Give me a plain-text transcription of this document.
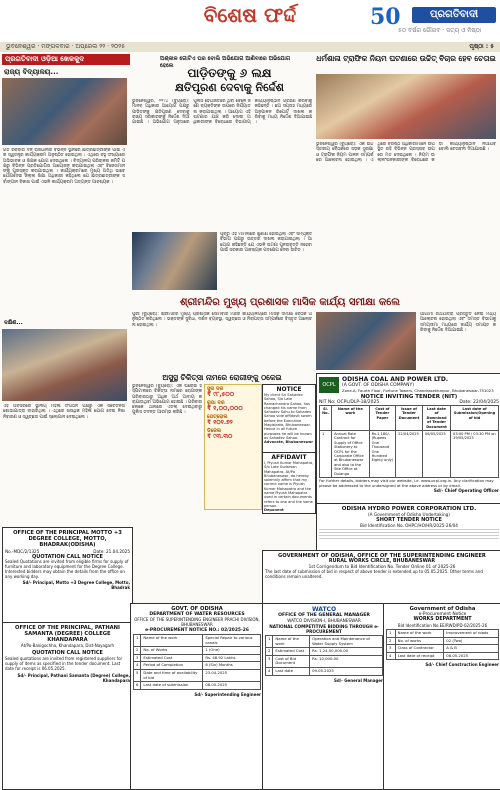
ବିଶେଷ ଫର୍ଦ୍ଦ	50	ପ୍ରଗତିବାଦୀ
୫୦ ବର୍ଷର ଗୌରବ · ସତ୍ୟ ଓ ନିଷ୍ଠା
ଭୁବନେଶ୍ୱର ‧ ମଙ୍ଗଳବାର ‧ ଅପ୍ରେଲ ୨୨ ‧ ୨୦୨୫	ପୃଷ୍ଠା : ୫
ପ୍ରଗତିବାଦୀ ଓଡ଼ିଆ ଖେଳକୁଦ
ରାଜ୍ୟ ବିଦ୍ୟାଳୟ...
ଗତ ରବିବାର ଦିନ ରାଜଧାନୀର ବିଭିନ୍ନ ସ୍ଥାନରେ ଛାତ୍ରଛାତ୍ରୀଙ୍କ ପାଇଁ ଏକ ସ୍ୱତନ୍ତ୍ର କାର୍ଯ୍ୟକ୍ରମ ଅନୁଷ୍ଠିତ ହୋଇଥିଲା । ଏଥିରେ ବହୁ ସଂଖ୍ୟାରେ ଅଭିଭାବକ ଓ ଶିକ୍ଷକ ଯୋଗ ଦେଇଥିଲେ । ବିଦ୍ୟାଳୟ ପରିଚାଳନା କମିଟି ପକ୍ଷରୁ ବିଭିନ୍ନ ପ୍ରତିଯୋଗିତା ଆୟୋଜନ କରାଯାଇଥିଲା ଏବଂ ବିଜେତାମାନଙ୍କୁ ପୁରସ୍କୃତ କରାଯାଇଥିଲା । କାର୍ଯ୍ୟକ୍ରମରେ ମୁଖ୍ୟ ଅତିଥି ଭାବେ ଯୋଗଦେଇ ଜିଲ୍ଲା ଶିକ୍ଷା ଅଧିକାରୀ କହିଥିଲେ ଯେ ଛାତ୍ରଛାତ୍ରୀଙ୍କ ସର୍ବାଙ୍ଗୀନ ବିକାଶ ପାଇଁ ଏଭଳି କାର୍ଯ୍ୟକ୍ରମ ଅତ୍ୟନ୍ତ ଆବଶ୍ୟକ ।
ଦକ୍ଷିଣ...
ଏହି ଅବସରରେ ସ୍ଥାନୀୟ ମହିଳା ସଂଗଠନ ପକ୍ଷରୁ ଏକ ସଚେତନତା ଶୋଭାଯାତ୍ରା ବାହାରିଥିଲା । ଏଥିରେ ଶତାଧିକ ମହିଳା ଯୋଗ ଦେଇ ନିଶା ନିବାରଣ ଓ ସ୍ୱଚ୍ଛତା ପାଇଁ ସ୍ଲୋଗାନ ଦେଇଥିଲେ ।
ଅଶ୍ଳୀଳ ଗୋଟିଏ ଘର ବୋଲି ଅଭିଯୋଗ ଆଣିବାରେ ଅଭିଯୋଗ ହେଲେ
ପାଡ଼ିତଙ୍କୁ ୬ ଲକ୍ଷ
କ୍ଷତିପୂରଣ ଦେବାକୁ ନିର୍ଦ୍ଦେଶ
ଭୁବନେଶ୍ୱର, ୨୧।୪ (ବ୍ୟୁରୋ): ମାନବ ଅଧିକାର ଆୟୋଗ ପକ୍ଷରୁ ପୀଡ଼ିତଙ୍କୁ କ୍ଷତିପୂରଣ ଦେବାକୁ ରାଜ୍ୟ ସରକାରଙ୍କୁ ନିର୍ଦ୍ଦେଶ ଦିଆଯାଇଛି । ଅଭିଯୋଗ ଅନୁସାରେ ପୁଲିସ ହେପାଜତରେ ଥିବା ବେଳେ ଜଣେ ବ୍ୟକ୍ତିଙ୍କ ଉପରେ ନିର୍ଯ୍ୟାତନା କରାଯାଇଥିଲା । ଆୟୋଗ ଏହି ଘଟଣାର ଯାଞ୍ଚ କରି ଦୋଷୀ ଅଧିକାରୀଙ୍କ ବିରୋଧରେ ବିଭାଗୀୟ କାର୍ଯ୍ୟାନୁଷ୍ଠାନ ଗ୍ରହଣ କରିବାକୁ କହିଛନ୍ତି । ଛଅ ସପ୍ତାହ ମଧ୍ୟରେ ଅନୁପାଳନ ରିପୋର୍ଟ ଦାଖଲ କରିବାକୁ ମଧ୍ୟ ନିର୍ଦ୍ଦେଶ ଦିଆଯାଇଛି ।
ପୂର୍ବରୁ ଏହି ମାମଲାରେ ଶୁଣାଣି ହୋଇଥିଲା ଏବଂ ସମ୍ପୃକ୍ତ ବିଭାଗ ପକ୍ଷରୁ ଉତ୍ତର ଦାଖଲ କରାଯାଇଥିଲା । ଆୟୋଗ କହିଛନ୍ତି ଯେ ଏଭଳି ଘଟଣା ପୁନରାବୃତ୍ତି ନହେବା ପାଇଁ ସରକାର ଆବଶ୍ୟକ ପଦକ୍ଷେପ ନେବା ଉଚିତ ।
ଧର୍ମଶାଳା ଟ୍ରାଫିକ ନିୟମ ଘଟଣାରେ ଉଚ୍ଚିତ୍ ବିଚାର ହେବ ଚେତାଇ
ଭୁବନେଶ୍ୱର (ବ୍ୟୁରୋ): ଏକ ଉଚ୍ଚସ୍ତରୀୟ ବୈଠକରେ ସଡ଼କ ସୁରକ୍ଷା ଓ ଟ୍ରାଫିକ ନିୟମ ପାଳନ ସମ୍ପର୍କରେ ଆଲୋଚନା ହୋଇଥିଲା । ଏଥିରେ ବରିଷ୍ଠ ଅଧିକାରୀମାନେ ଉପସ୍ଥିତ ରହି ବିଭିନ୍ନ ପ୍ରସ୍ତାବ ଉପରେ ମତ ଦେଇଥିଲେ । ନିୟମ ଉଲ୍ଲଂଘନକାରୀଙ୍କ ବିରୋଧରେ କଡ଼ା କାର୍ଯ୍ୟାନୁଷ୍ଠାନ ନିଆଯିବ ବୋଲି ଚେତାବନୀ ଦିଆଯାଇଛି ।
ଶ୍ରୀମନ୍ଦିର ମୁଖ୍ୟ ପ୍ରଶାସକ ମାସିକ କାର୍ଯ୍ୟ ସମୀକ୍ଷା କଲେ
ପୁରୀ (ବ୍ୟୁରୋ): ଶ୍ରୀମନ୍ଦିର ମୁଖ୍ୟ ପ୍ରଶାସକ ସୋମବାର ମନ୍ଦିର କାର୍ଯ୍ୟାଳୟରେ ମାସିକ ସମୀକ୍ଷା ବୈଠକ ଅନୁଷ୍ଠିତ କରିଥିଲେ । ଭକ୍ତଙ୍କ ସୁବିଧା, ଦର୍ଶନ ବ୍ୟବସ୍ଥା, ସ୍ୱଚ୍ଛତା ଓ ନିରାପତ୍ତା ସମ୍ପର୍କରେ ବିସ୍ତୃତ ଆଲୋଚନା ହୋଇଥିଲା ।
ଆଗାମୀ ରଥଯାତ୍ରା ପ୍ରସ୍ତୁତି ନେଇ ମଧ୍ୟ ଆଲୋଚନା ହୋଇଥିଲା ଏବଂ ସମସ୍ତ ବିଭାଗକୁ ସମୟସୀମା ମଧ୍ୟରେ କାର୍ଯ୍ୟ ସମାପ୍ତ କରିବାକୁ ନିର୍ଦ୍ଦେଶ ଦିଆଯାଇଛି ।
ଅସୁସ୍ଥ ଚିକିତ୍ସା ନାମରେ ରୋଗୀଙ୍କୁ ଠକେଇ
ଭୁବନେଶ୍ୱର (ବ୍ୟୁରୋ): ଏକ ଘରୋଇ ହସ୍ପିଟାଲରେ ଚିକିତ୍ସା ନାମରେ ରୋଗୀଙ୍କ ପରିବାରଠାରୁ ଅଧିକ ଅର୍ଥ ଆଦାୟ କରାଯାଉଥିବା ଅଭିଯୋଗ ହୋଇଛି । ପରିବାର ଲୋକେ ଥାନାରେ ଏତଲା ଦେଇଥିବାରୁ ପୁଲିସ ତଦନ୍ତ ଆରମ୍ଭ କରିଛି ।
ସୁନା ଦର
₹ ୯୮,୫୦୦
ରୂପା ଦର
₹ ୧,୦୦,୦୦୦
ପେଟ୍ରୋଲ
₹ ୧୦୧.୭୨
ଡିଜେଲ
₹ ୯୩.୩୦
NOTICE
My client Sri Sahadev Sahoo, S/o Late Ramachandra Sahoo, has changed his name from Sahadev Sahu to Sahadev Sahoo vide affidavit sworn before the Executive Magistrate, Bhubaneswar. Hence in all future purposes he will be known as Sahadev Sahoo.
Advocate, Bhubaneswar
AFFIDAVIT
I, Piyush Kumar Mahapatra, S/o Late Sudarsan Mahapatra, At/Po Bhubaneswar, do hereby solemnly affirm that my correct name is Piyush Kumar Mahapatra and the name Piyush Mahapatra used in certain documents refers to one and the same person.
Deponent
OCPL
ODISHA COAL AND POWER LTD.
(A GOVT. OF ODISHA COMPANY)
Zone-A, Fourth Floor, Fortune Towers, Chandrasekharpur, Bhubaneswar-751023
NOTICE INVITING TENDER (NIT)
NIT No: OCPL/DLP-18/2025	Date: 22/04/2025
Sl. No.	Name of the work	Cost of Tender Paper	Issue of Tender Document	Last date of Download of Tender Document	Last date of Submission/Opening of bid
1	Annual Rate Contract for Supply of Office Stationery to OCPL for the Corporate Office at Bhubaneswar and also to the Site Office at Dulanga	Rs.1,180/- (Rupees One Thousand One Hundred Eighty only)	22/04/2025	06/05/2025	03:00 PM / 03:30 PM on 19/05/2025
For further details, bidders may visit our website, i.e. www.ocpl.org.in. Any clarification may please be addressed to the undersigned at the above address or by email.
Sd/- Chief Operating Officer
ODISHA HYDRO POWER CORPORATION LTD.
(A Government of Odisha Undertaking)
SHORT TENDER NOTICE
Bid Identification No. OHPC/HO/HR/2025-26/04
GOVERNMENT OF ODISHA, OFFICE OF THE SUPERINTENDING ENGINEER
RURAL WORKS CIRCLE, BHUBANESWAR
1st Corrigendum to Bid Identification No. Tender Online 01 of 2025-26
The last date of submission of bid in respect of above tender is extended up to 05.05.2025. Other terms and conditions remain unaltered.
OFFICE OF THE PRINCIPAL MOTTO +3 DEGREE COLLEGE, MOTTO, BHADRAK(ODISHA)
No.-MDC/2/1325	Date: 21.04.2025
QUOTATION CALL NOTICE
Sealed Quotations are invited from eligible firms for supply of furniture and laboratory equipment for the Degree College. Interested bidders may obtain the details from the office on any working day.
Sd/- Principal, Motto +3 Degree College, Motto, Bhadrak
OFFICE OF THE PRINCIPAL, PATHANI SAMANTA (DEGREE) COLLEGE KHANDAPARA
At/Po-Banigochha, Khandapara, Dist-Nayagarh
QUOTATION CALL NOTICE
Sealed quotations are invited from registered suppliers for supply of items as specified in the tender document. Last date for receipt is 06.05.2025.
Sd/- Principal, Pathani Samanta (Degree) College, Khandapara
GOVT. OF ODISHA
DEPARTMENT OF WATER RESOURCES
OFFICE OF THE SUPERINTENDING ENGINEER PRACHI DIVISION, BHUBANESWAR
e-PROCUREMENT NOTICE NO.: 02/2025-26
1	Name of the work	Special Repair to various canals
2	No. of Works	1 (One)
3	Estimated Cost	Rs. 48.92 Lakhs
4	Period of Completion	6 (Six) Months
5	Date and time of availability of bid	23.04.2025
6	Last date of submission	08.05.2025
Sd/- Superintending Engineer
WATCO
OFFICE OF THE GENERAL MANAGER
WATCO DIVISION-I, BHUBANESWAR
NATIONAL COMPETITIVE BIDDING THROUGH e-PROCUREMENT
1	Name of the work	Operation and Maintenance of Water Supply System
2	Estimated Cost	Rs. 1,24,50,000.00
3	Cost of Bid Document	Rs. 10,000.00
4	Last date	09.05.2025
Sd/- General Manager
Government of Odisha
e-Procurement Notice
WORKS DEPARTMENT
Bid Identification No.EE/RWD/PD-02/2025-26
1	Name of the work	Improvement of roads
2	No. of works	02 (Two)
3	Class of Contractor	A & B
4	Last date of receipt	08.05.2025
Sd/- Chief Construction Engineer
